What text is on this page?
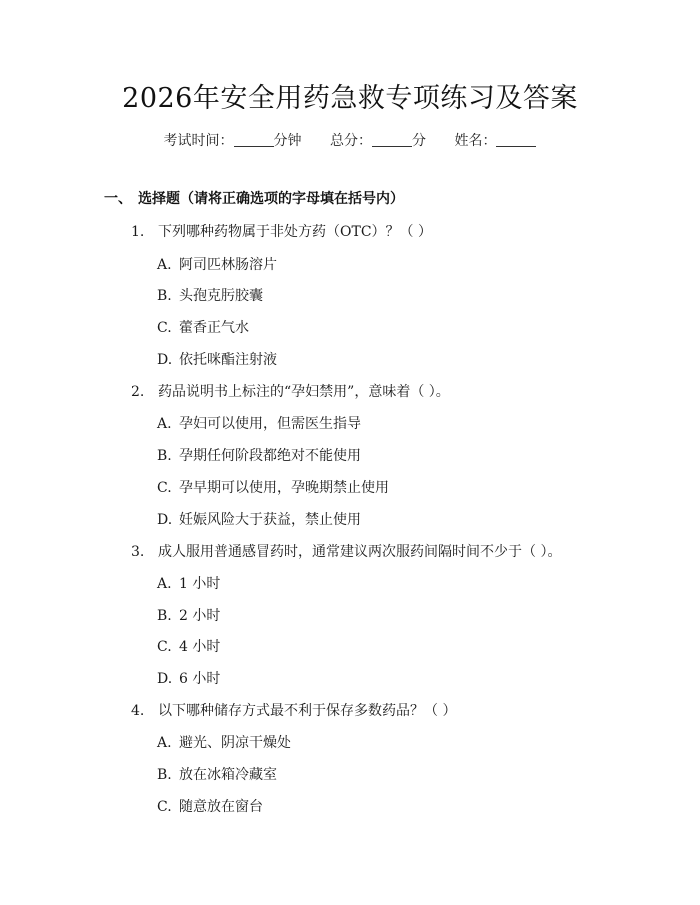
2026年安全用药急救专项练习及答案
考试时间：	分钟 总分：	分 姓名：
一、 选择题（请将正确选项的字母填在括号内）
1. 下列哪种药物属于非处方药（OTC）？（ ）
A. 阿司匹林肠溶片
B. 头孢克肟胶囊
C. 藿香正气水
D. 依托咪酯注射液
2. 药品说明书上标注的“孕妇禁用”，意味着（ ）。
A. 孕妇可以使用，但需医生指导
B. 孕期任何阶段都绝对不能使用
C. 孕早期可以使用，孕晚期禁止使用
D. 妊娠风险大于获益，禁止使用
3. 成人服用普通感冒药时，通常建议两次服药间隔时间不少于（ ）。
A. 1 小时
B. 2 小时
C. 4 小时
D. 6 小时
4. 以下哪种储存方式最不利于保存多数药品？（ ）
A. 避光、阴凉干燥处
B. 放在冰箱冷藏室
C. 随意放在窗台
